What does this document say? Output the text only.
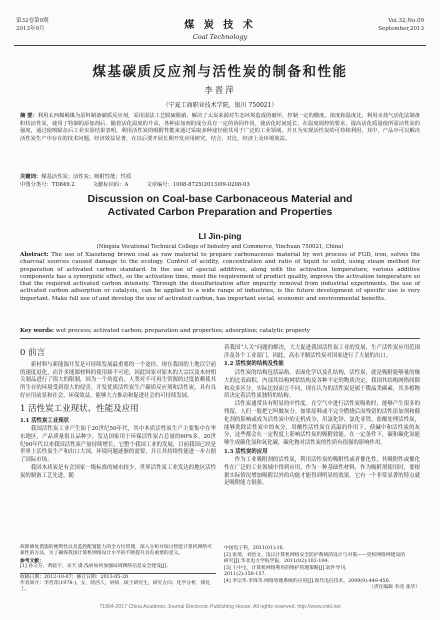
第32卷第9期
2013年9月	煤 炭 技 术
Coal Technology
Vol.32,No.09
September,2013
煤基碳质反应剂与活性炭的制备和性能
李晋萍
（宁夏工商职业技术学院，银川 750021）
摘 要：利用太西煤褐煤为原料制备碳质反应剂，采用湿法工艺脱硫脱硝，解决了太炭来源对生态环境造成的破坏，控制一定的酸度，浓度和温度比，利用水蒸气活化法制备粉状活性炭，使用了特制的添加剂后，随着活化温度的升高，各种添加剂的成分具有一定的协同作用，使活化时间延长，在温度调控的要求，提高活化质量使所需活性炭的强度，通过使喷除杂后工业实验结果表明，利用活性炭的吸附性能来通过采取多种途径使其用于广泛的工业领域，并且为实现活性炭的可持续利用，其中，产品中可以解决活性炭生产中存在的技术问题，经济效益显著，在以后要开展长期开发应用研究，结合，对比，经济上及环境效益。
关键词：煤基活性炭；活性炭；吸附性能；性质
中图分类号：TD849.2	文献标识码：A	文章编号：1008-8725(2013)09-0208-03
Discussion on Coal-base Carbonaceous Material and
Activated Carbon Preparation and Properties
LI Jin-ping
(Ningxia Vocational Technical College of Industry and Commerce, Yinchuan 750021, China)
Abstract: The use of Xiaozheng brown coal as raw material to prepare carbonaceous material by wet process of FGD, iron, solves the charcoal sources caused damage to the ecology. Control of acidity, concentration and ratio of liquid to solid, using steam method for preparation of activated carbon standard. In the use of special additives, along with the activation temperature, various additive components has a synergistic effect, so the activation time, meet the requirement of product quality, improve the activation temperature so that the required activated carbon intensity. Through the desulfurization after impurity removal from industrial experiments, the use of activated carbon adsorption or catalysis, can be applied to a wide range of industries, is the future development of specific use is very important. Make full use of and develop the use of activated carbon, has important social, economic and environmental benefits.
Key words: wet process; activated carbon; preparation and properties; adsorption; catalytic property
0 前言

新材料与新能源开发是可持续发展最重要的一个途径，现在我国的土地以空前的速度退化，而许多能源材料的使用却不可逆，因此国家对原木的大宗以及木材相关制品进行了很大的限制，因为一个角度看，人类对不可再生资源的过度依赖使其所生存的环境受到很大的侵害。开发优质活性炭生产碳质反应剂和活性炭，具有良好应用前景和社会、环保效益，能够大力推动和促进社会的可持续发展。

1 活性炭工业现状、性能及应用
1.1 活性炭工业现状

我国活性炭工业产生始于20世纪50年代，其中木质活性炭生产主要集中在华东地区，产品质量很且品种少，发达国家用于环保活性炭占总量的60%多，20世纪90年代以来我国活性炭产量持续增长，它整个我国工业的发展，目前我国已经是世界上活性炭生产和出口大国，环境问题逐渐的需要，并且其持续性能进一步占据了国际市场。

我国木质炭是有会国家一级标准的城市较少，世界活性炭工业发达的地区活性炭的制备工艺先进，随

着我国“人关”问题的解决，大大促进我国活性炭工业的发展，生产活性炭应用范围涉及各个工业部门，因此，高水平制活性炭对国家进行了大量的出口。

1.2 活性炭的结构及性能

活性炭的结构包括晶格、表面化学以及孔结构，活性炭，就是吸附能够量的极大的比表面积，内部其结构网状结构及各种不定的物质决定，我国其结构网格间隙和众多区分，实际比较而言不同，现在认为的活性炭是属于微晶类碳素，其多植物质决定着活性炭独特的结构。

活性炭通常具有明显的中性度。在空气中进行活性炭吸收时，能够产生很多的残留，人们一般把它叫做灰分。如果原料或不完全燃烧后而残留的活性添加剂和催化剂的影响或成为活性炭中的无机成分，用氯化锌、氯化亚铁、盐酸处理活性炭，能够洗除活性炭中的灰分，用酸性活性炭在高温的作用下，使碱中和活性炭的灰分，这些都会在一定程度上影响活性炭的吸附效能。在一定条件下，碳和碳化氢能够生成碳化氢和氧化碳，碳化物对活性炭的性质有很强的影响作用。

1.3 活性炭的应用

作为工业吸附剂的活性炭，利用活性炭的吸附性或者催化性，其吸附性或催化性在广泛的工业领域中得到应用，作为一种基础性材料，作为吸附剂使用时，要根据实际情况增加吸附以外的功能才能得到明显的效果。它有一个非常显著的特点就是吸附能力很强。

故障修复措施的便利性以及监控配置能力的全方位管理，深入分析并探讨智能计算机网络可靠性的方法，为了确保我国计算机网络设计水平的不断提升具有重要的意义。
参考文献：
[1] 孙义芬，黄骁宇，宋天 虞.浅析如何加强局域网络信息安全建设[J].
收稿日期：2012-10-07；修订日期：2013-05-20
作者简介：李晋萍(1978-)，女，陕西人，讲师，硕士研究生，研究方向：化学分析，煤化工。
中国电子科，2011(01):16.
[2] 张斐，刘治文，浅议计算机网络安全防护系统的设计与对策——党校网络网建设的
研究[J].华北电力学院学报，2011(02):102-104.
[3] 王中宝，计算机网络利用的维护管理策略[J].软件导刊，
2011(2):156-157.
[4] 李宗华.李锋等.网络管理系统的应用[J].现代电信技术，2009(9):449-450.
（责任编辑 李清 张华）
?1994-2017 China Academic Journal Electronic Publishing House. All rights reserved. http://www.cnki.net
